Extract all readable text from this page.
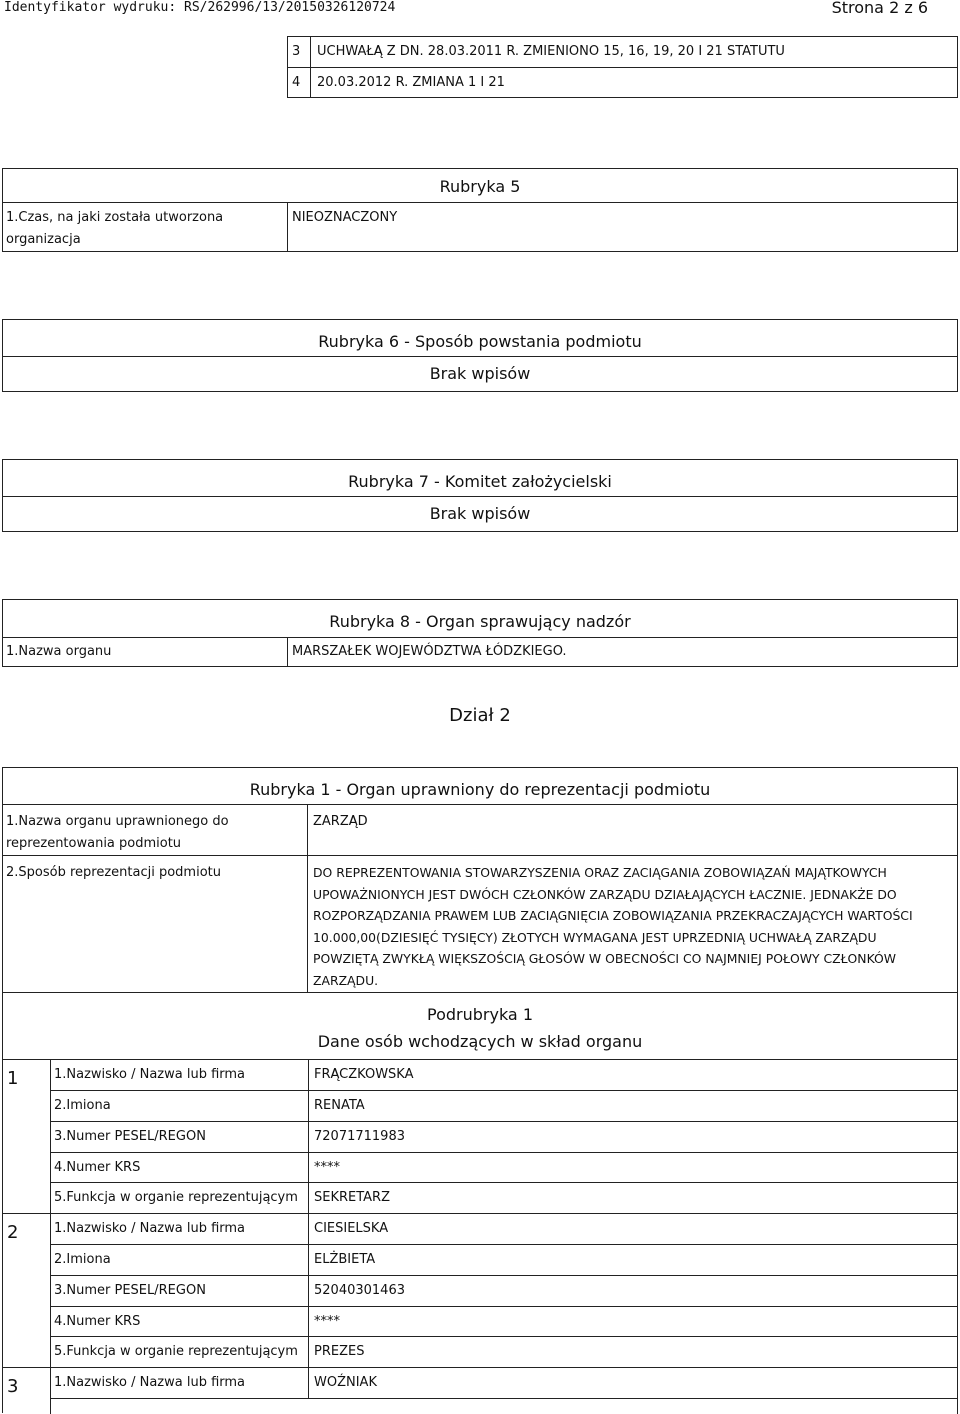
Identyfikator wydruku: RS/262996/13/20150326120724	Strona 2 z 6
3 UCHWAŁĄ Z DN. 28.03.2011 R. ZMIENIONO 15, 16, 19, 20 I 21 STATUTU
4 20.03.2012 R. ZMIANA 1 I 21
Rubryka 5
1.Czas, na jaki została utworzona organizacja
NIEOZNACZONY
Rubryka 6 - Sposób powstania podmiotu
Brak wpisów
Rubryka 7 - Komitet założycielski
Brak wpisów
Rubryka 8 - Organ sprawujący nadzór
1.Nazwa organu	MARSZAŁEK WOJEWÓDZTWA ŁÓDZKIEGO.
Dział 2
Rubryka 1 - Organ uprawniony do reprezentacji podmiotu
1.Nazwa organu uprawnionego do reprezentowania podmiotu
ZARZĄD
2.Sposób reprezentacji podmiotu	DO REPREZENTOWANIA STOWARZYSZENIA ORAZ ZACIĄGANIA ZOBOWIĄZAŃ MAJĄTKOWYCH UPOWAŻNIONYCH JEST DWÓCH CZŁONKÓW ZARZĄDU DZIAŁAJĄCYCH ŁACZNIE. JEDNAKŻE DO ROZPORZĄDZANIA PRAWEM LUB ZACIĄGNIĘCIA ZOBOWIĄZANIA PRZEKRACZAJĄCYCH WARTOŚCI 10.000,00(DZIESIĘĆ TYSIĘCY) ZŁOTYCH WYMAGANA JEST UPRZEDNIĄ UCHWAŁĄ ZARZĄDU POWZIĘTĄ ZWYKŁĄ WIĘKSZOŚCIĄ GŁOSÓW W OBECNOŚCI CO NAJMNIEJ POŁOWY CZŁONKÓW ZARZĄDU.
Podrubryka 1
Dane osób wchodzących w skład organu
1	1.Nazwisko / Nazwa lub firma	FRĄCZKOWSKA
2.Imiona	RENATA
3.Numer PESEL/REGON	72071711983
4.Numer KRS	****
5.Funkcja w organie reprezentującym SEKRETARZ
2	1.Nazwisko / Nazwa lub firma	CIESIELSKA
2.Imiona	ELŻBIETA
3.Numer PESEL/REGON	52040301463
4.Numer KRS	****
5.Funkcja w organie reprezentującym PREZES
3	1.Nazwisko / Nazwa lub firma	WOŹNIAK
